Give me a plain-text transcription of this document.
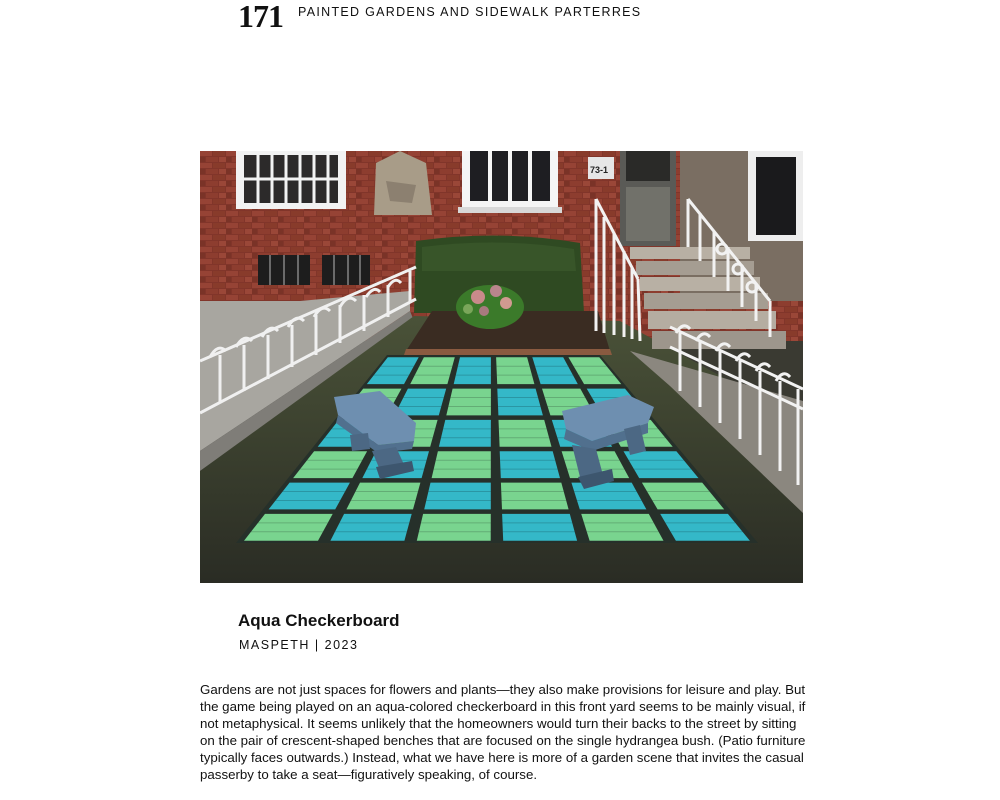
171 PAINTED GARDENS AND SIDEWALK PARTERRES
73-1
Aqua Checkerboard
MASPETH | 2023

Gardens are not just spaces for flowers and plants—they also make provisions for leisure and play. But the game being played on an aqua-colored checkerboard in this front yard seems to be mainly visual, if not metaphysical. It seems unlikely that the homeowners would turn their backs to the street by sitting on the pair of crescent-shaped benches that are focused on the single hydrangea bush. (Patio furniture typically faces outwards.) Instead, what we have here is more of a garden scene that invites the casual passerby to take a seat—figuratively speaking, of course.
